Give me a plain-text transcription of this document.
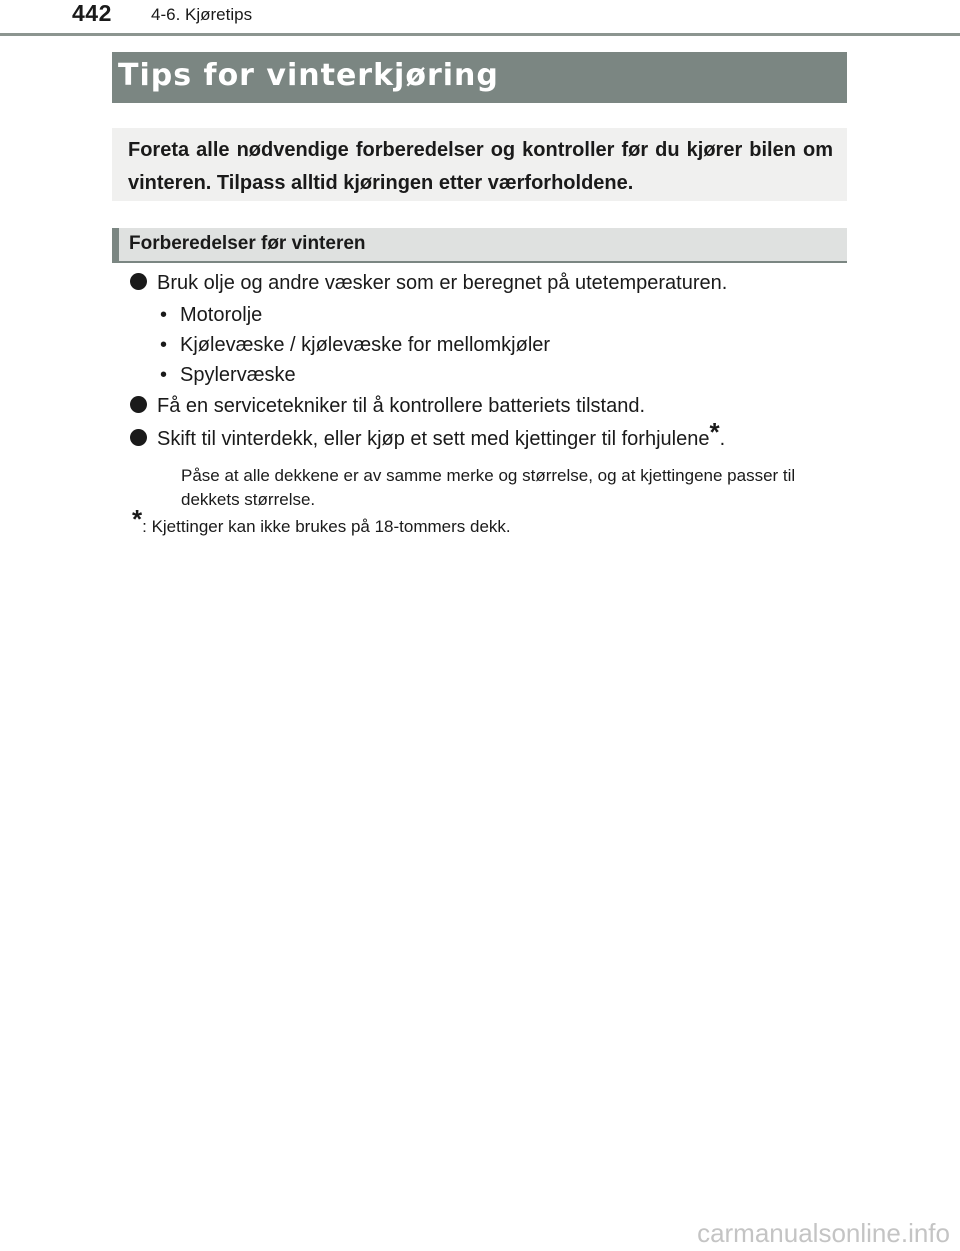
442 4-6. Kjøretips
Tips for vinterkjøring
Foreta alle nødvendige forberedelser og kontroller før du kjører bilen om vinteren. Tilpass alltid kjøringen etter værforholdene.
Forberedelser før vinteren
Bruk olje og andre væsker som er beregnet på utetemperaturen.
• Motorolje
• Kjølevæske / kjølevæske for mellomkjøler
• Spylervæske
Få en servicetekniker til å kontrollere batteriets tilstand.
Skift til vinterdekk, eller kjøp et sett med kjettinger til forhjulene*.
Påse at alle dekkene er av samme merke og størrelse, og at kjettingene passer til dekkets størrelse.
*: Kjettinger kan ikke brukes på 18-tommers dekk.
carmanualsonline.info
